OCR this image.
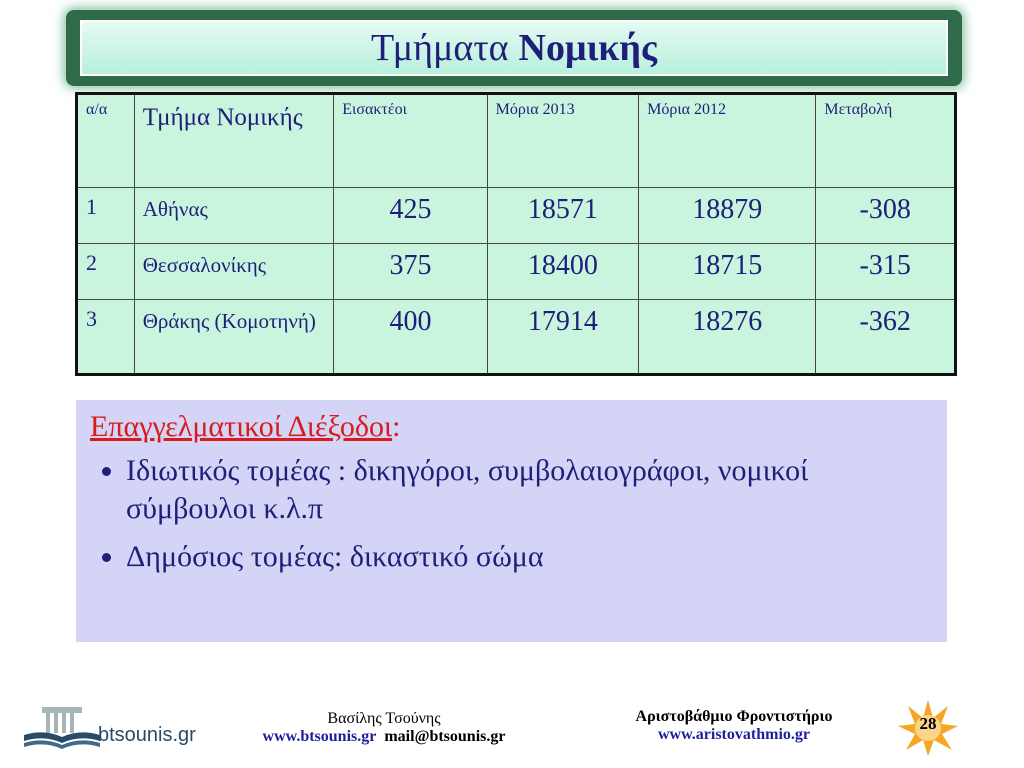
Τμήματα Νομικής
α/α	Τμήμα Νομικής	Εισακτέοι	Μόρια 2013	Μόρια 2012	Μεταβολή
1	Αθήνας	425	18571	18879	-308
2	Θεσσαλονίκης	375	18400	18715	-315
3	Θράκης (Κομοτηνή)	400	17914	18276	-362
Επαγγελματικοί Διέξοδοι:
• Ιδιωτικός τομέας : δικηγόροι, συμβολαιογράφοι, νομικοί σύμβουλοι κ.λ.π
• Δημόσιος τομέας: δικαστικό σώμα
btsounis.gr
Βασίλης Τσούνης
www.btsounis.gr mail@btsounis.gr
Αριστοβάθμιο Φροντιστήριο
www.aristovathmio.gr
28
